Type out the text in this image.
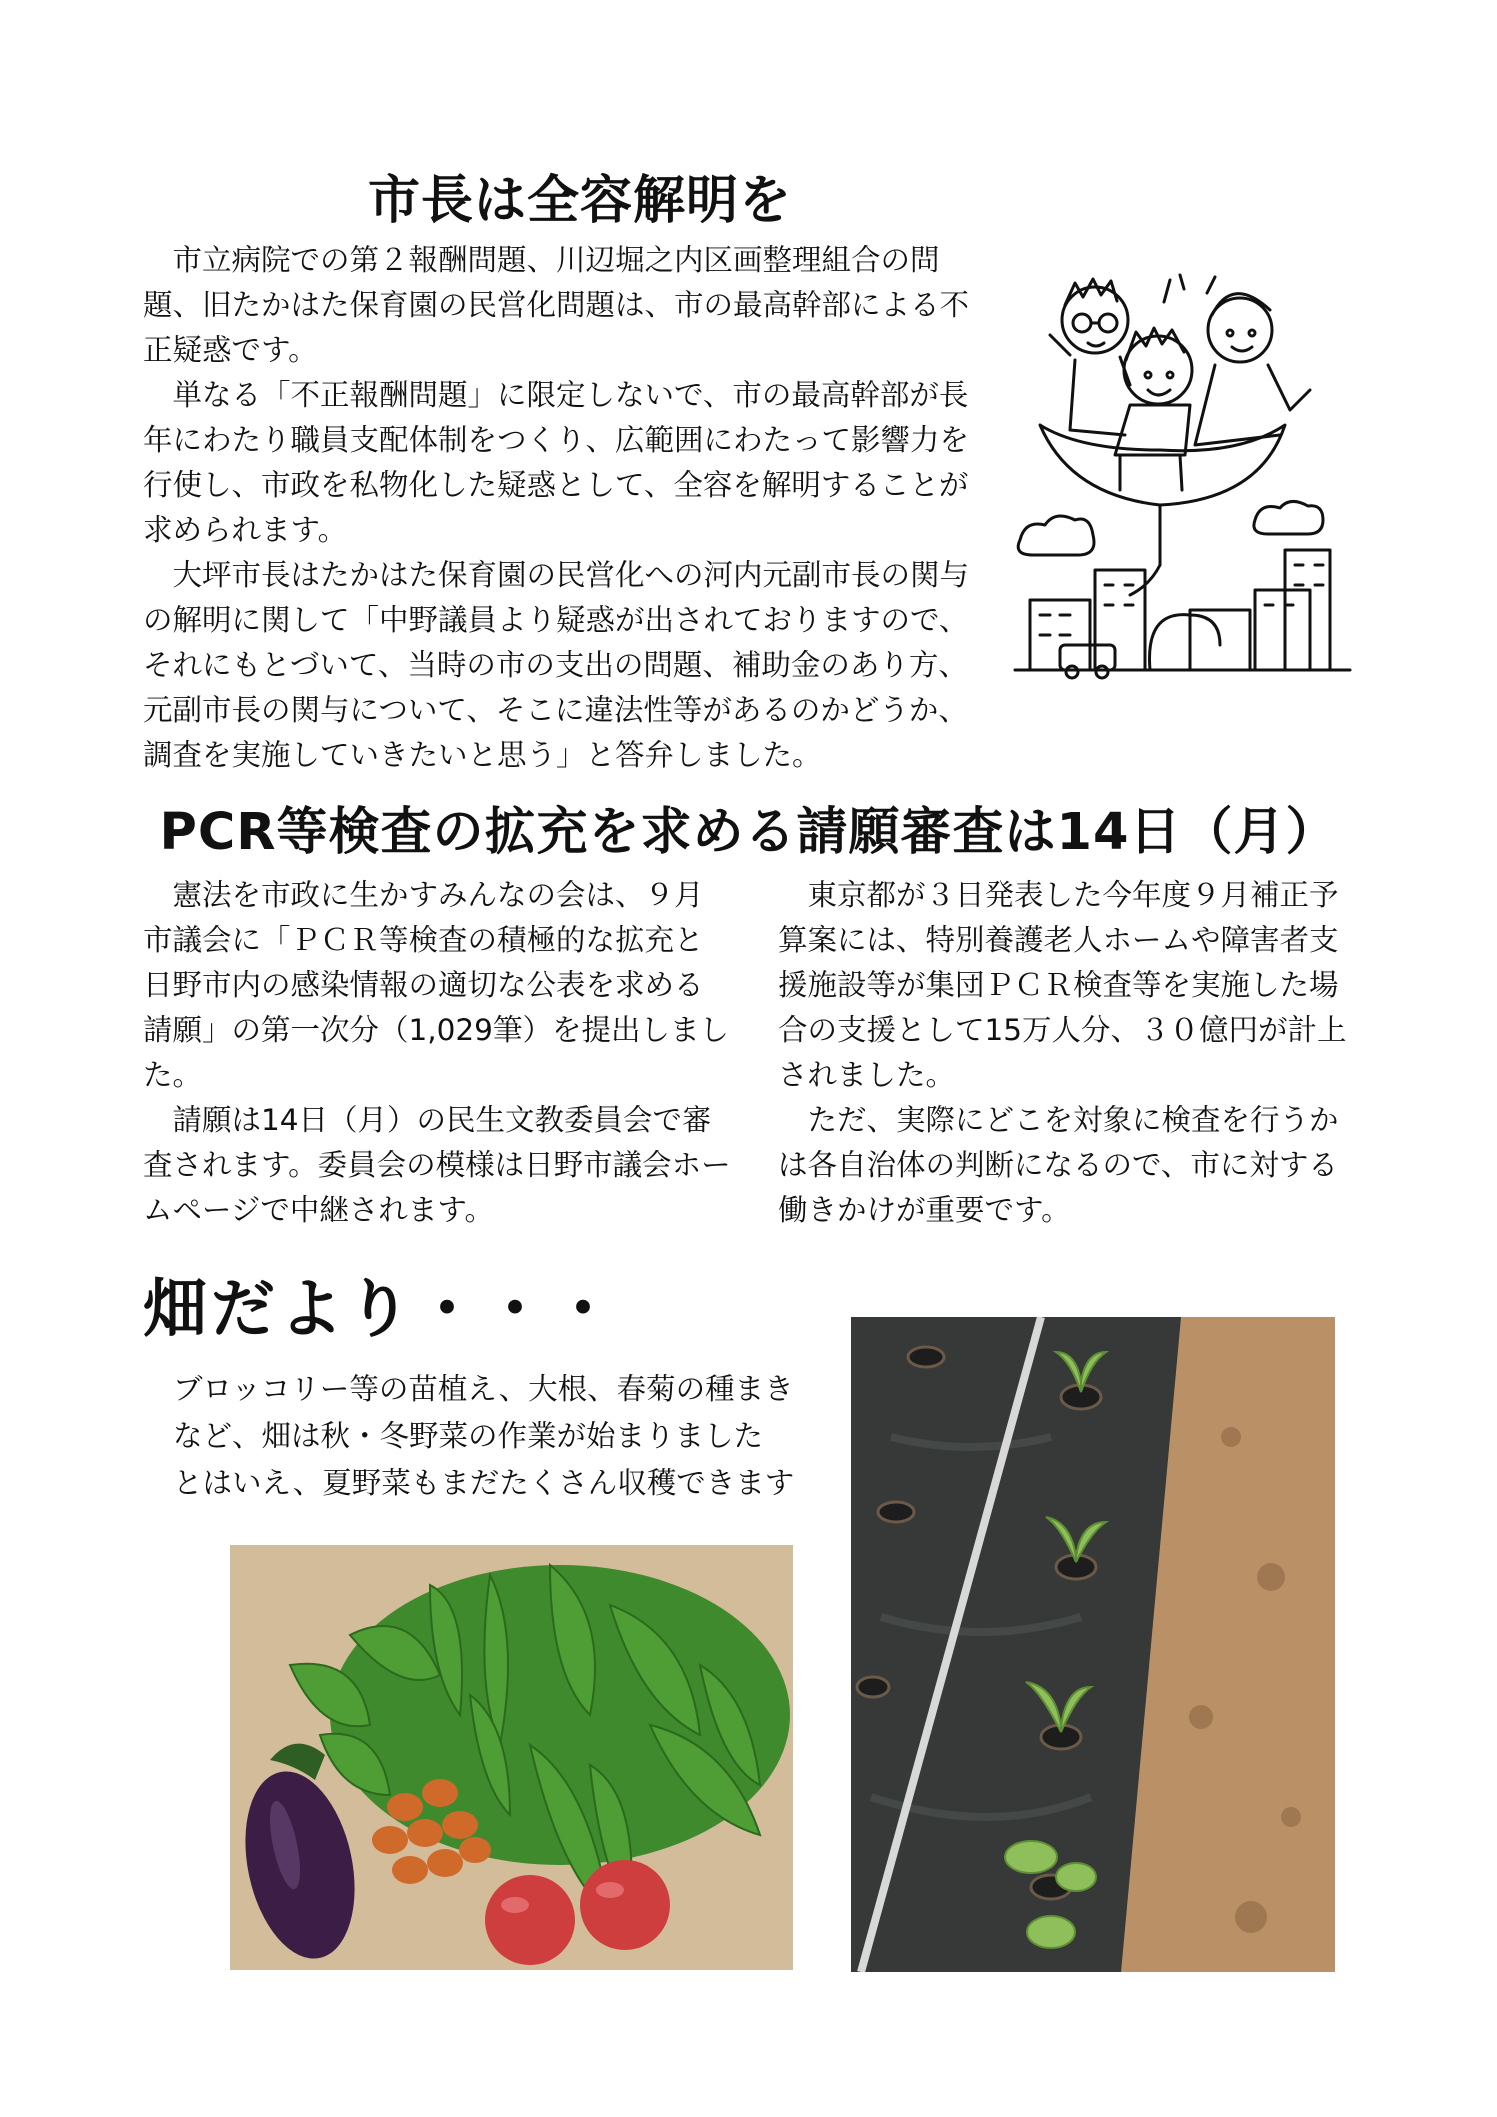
市長は全容解明を

市立病院での第２報酬問題、川辺堀之内区画整理組合の問題、旧たかはた保育園の民営化問題は、市の最高幹部による不正疑惑です。

単なる「不正報酬問題」に限定しないで、市の最高幹部が長年にわたり職員支配体制をつくり、広範囲にわたって影響力を行使し、市政を私物化した疑惑として、全容を解明することが求められます。

大坪市長はたかはた保育園の民営化への河内元副市長の関与の解明に関して「中野議員より疑惑が出されておりますので、それにもとづいて、当時の市の支出の問題、補助金のあり方、元副市長の関与について、そこに違法性等があるのかどうか、調査を実施していきたいと思う」と答弁しました。

PCR等検査の拡充を求める請願審査は14日（月）

憲法を市政に生かすみんなの会は、９月市議会に「ＰＣＲ等検査の積極的な拡充と日野市内の感染情報の適切な公表を求める請願」の第一次分（1,029筆）を提出しました。

請願は14日（月）の民生文教委員会で審査されます。委員会の模様は日野市議会ホームページで中継されます。

東京都が３日発表した今年度９月補正予算案には、特別養護老人ホームや障害者支援施設等が集団ＰＣＲ検査等を実施した場合の支援として15万人分、３０億円が計上されました。

ただ、実際にどこを対象に検査を行うかは各自治体の判断になるので、市に対する働きかけが重要です。

畑だより・・・
ブロッコリー等の苗植え、大根、春菊の種まき
など、畑は秋・冬野菜の作業が始まりました
とはいえ、夏野菜もまだたくさん収穫できます
